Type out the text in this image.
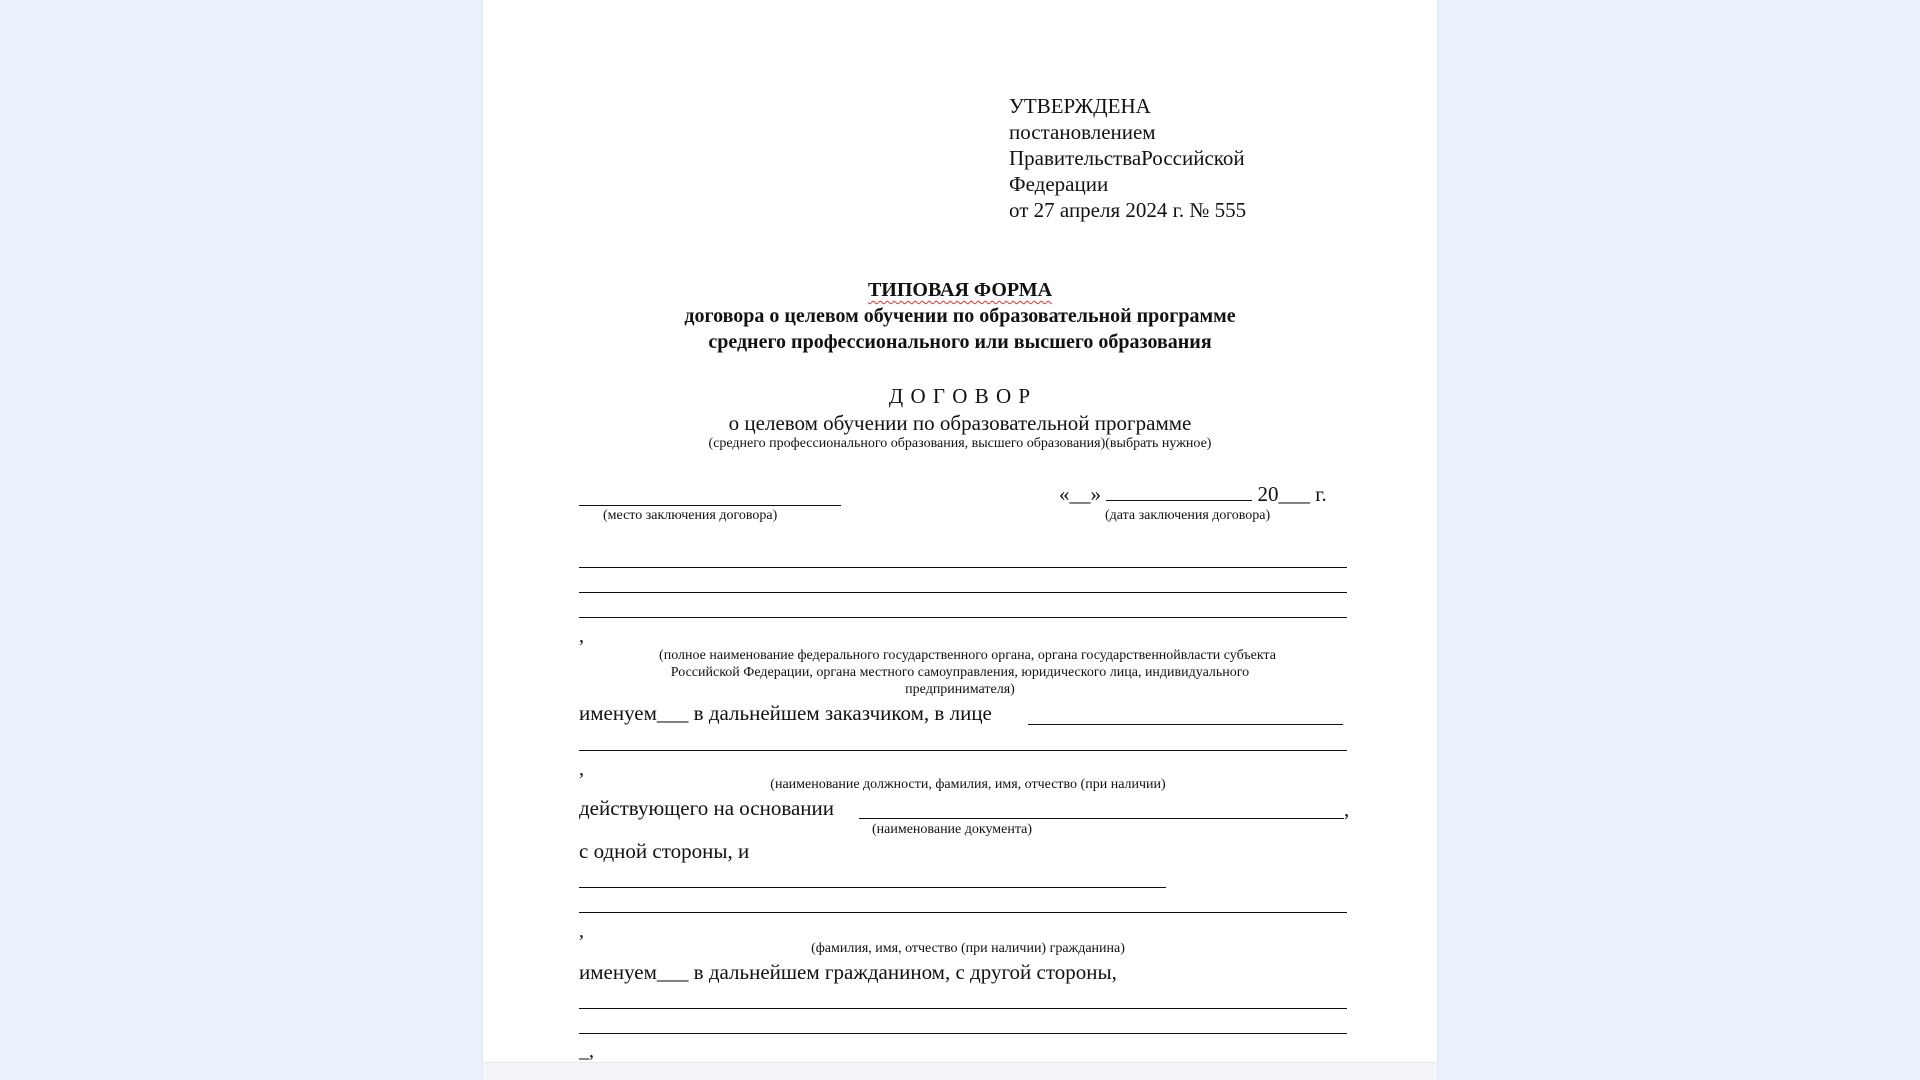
УТВЕРЖДЕНА
постановлением
ПравительстваРоссийской
Федерации
от 27 апреля 2024 г. № 555
ТИПОВАЯ ФОРМА
договора о целевом обучении по образовательной программе
среднего профессионального или высшего образования
Д О Г О В О Р
о целевом обучении по образовательной программе
(среднего профессионального образования, высшего образования)(выбрать нужное)
(место заключения договора)
«__»	20___ г.
(дата заключения договора)
,
(полное наименование федерального государственного органа, органа государственнойвласти субъекта
Российской Федерации, органа местного самоуправления, юридического лица, индивидуального
предпринимателя)
именуем___ в дальнейшем заказчиком, в лице
,
(наименование должности, фамилия, имя, отчество (при наличии)
действующего на основании	,
(наименование документа)
с одной стороны, и
,
(фамилия, имя, отчество (при наличии) гражданина)
именуем___ в дальнейшем гражданином, с другой стороны,
_,
